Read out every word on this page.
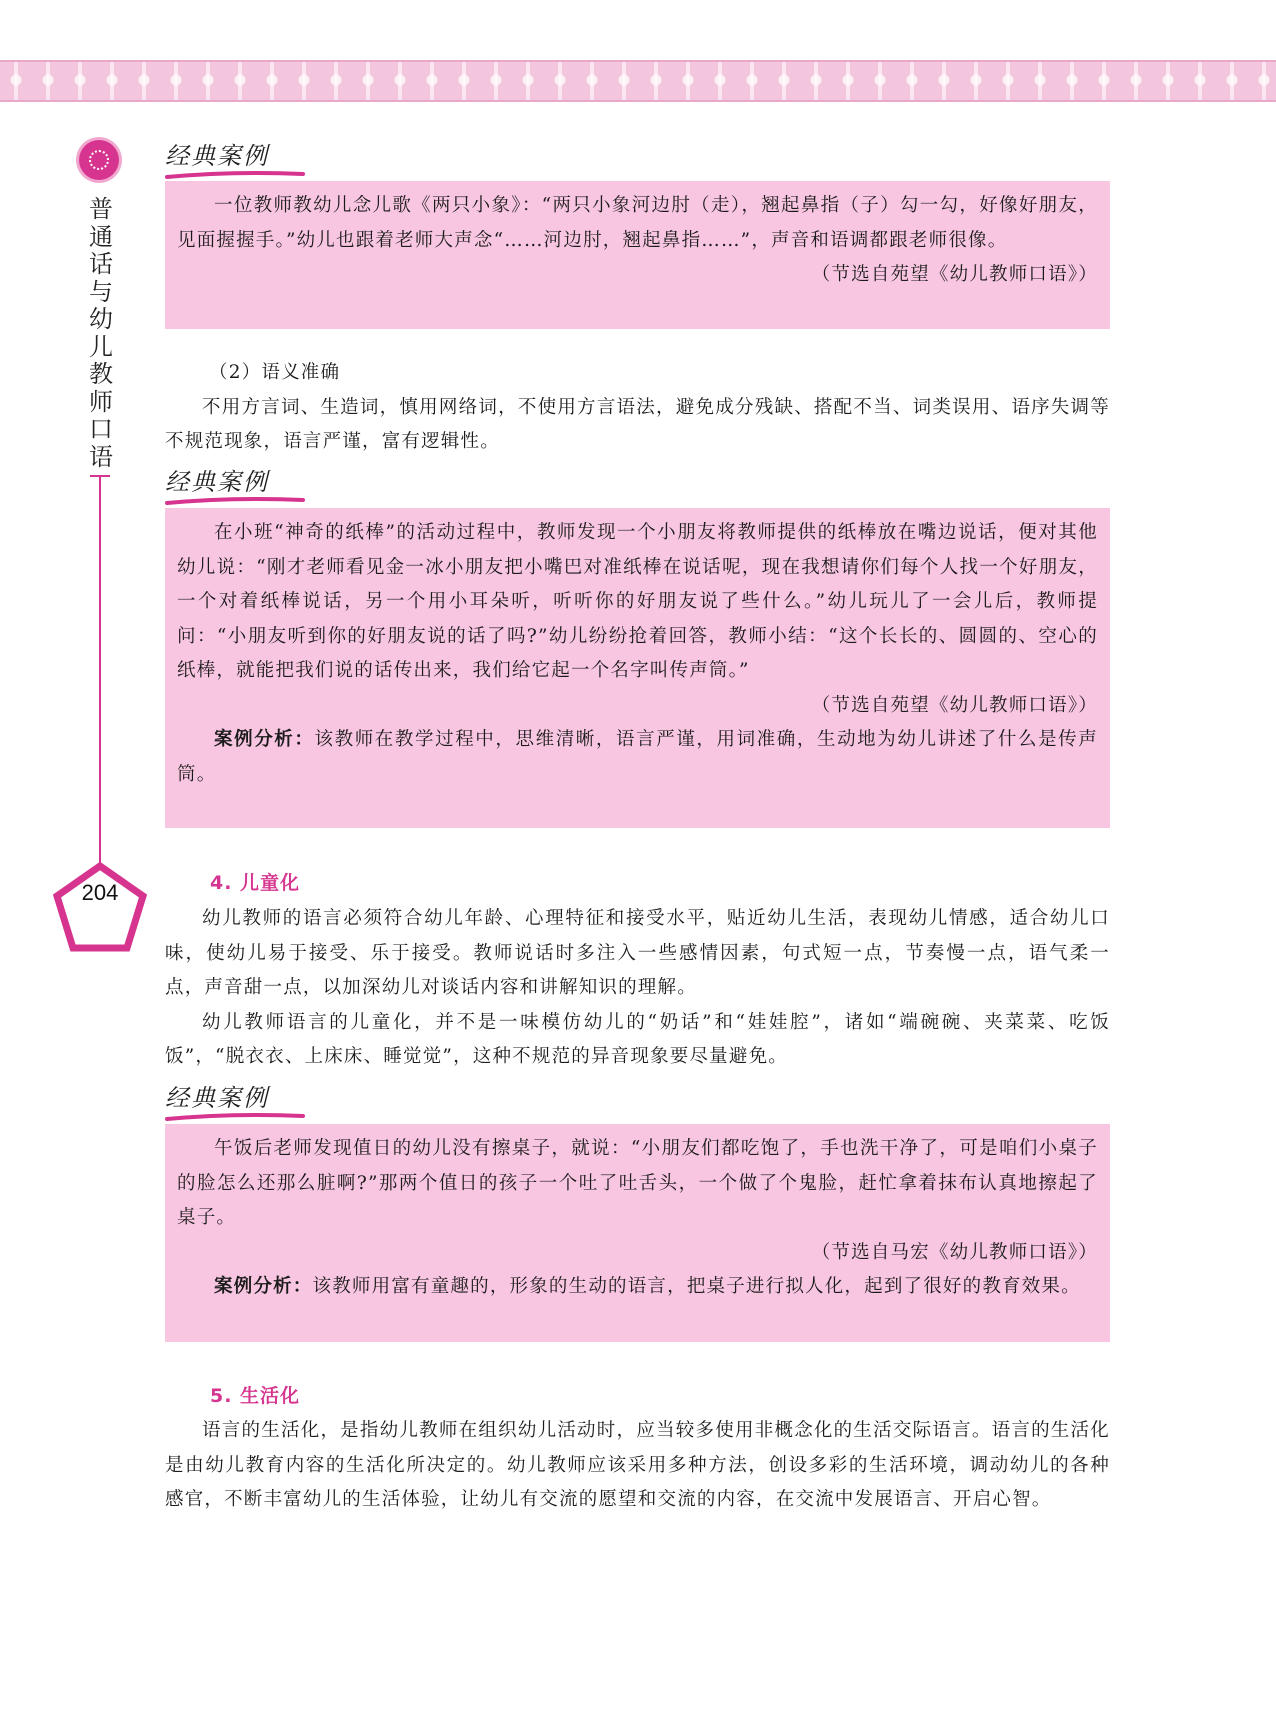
普
通
话
与
幼
儿
教
师
口
语
204
经典案例

一位教师教幼儿念儿歌《两只小象》：“两只小象河边肘（走），翘起鼻指（子）勾一勾，好像好朋友，见面握握手。”幼儿也跟着老师大声念“……河边肘，翘起鼻指……”，声音和语调都跟老师很像。

（节选自苑望《幼儿教师口语》）

（2）语义准确

不用方言词、生造词，慎用网络词，不使用方言语法，避免成分残缺、搭配不当、词类误用、语序失调等不规范现象，语言严谨，富有逻辑性。

经典案例

在小班“神奇的纸棒”的活动过程中，教师发现一个小朋友将教师提供的纸棒放在嘴边说话，便对其他幼儿说：“刚才老师看见金一冰小朋友把小嘴巴对准纸棒在说话呢，现在我想请你们每个人找一个好朋友，一个对着纸棒说话，另一个用小耳朵听，听听你的好朋友说了些什么。”幼儿玩儿了一会儿后，教师提问：“小朋友听到你的好朋友说的话了吗?”幼儿纷纷抢着回答，教师小结：“这个长长的、圆圆的、空心的纸棒，就能把我们说的话传出来，我们给它起一个名字叫传声筒。”

（节选自苑望《幼儿教师口语》）

案例分析：该教师在教学过程中，思维清晰，语言严谨，用词准确，生动地为幼儿讲述了什么是传声筒。

4. 儿童化

幼儿教师的语言必须符合幼儿年龄、心理特征和接受水平，贴近幼儿生活，表现幼儿情感，适合幼儿口味，使幼儿易于接受、乐于接受。教师说话时多注入一些感情因素，句式短一点，节奏慢一点，语气柔一点，声音甜一点，以加深幼儿对谈话内容和讲解知识的理解。

幼儿教师语言的儿童化，并不是一味模仿幼儿的“奶话”和“娃娃腔”，诸如“端碗碗、夹菜菜、吃饭饭”，“脱衣衣、上床床、睡觉觉”，这种不规范的异音现象要尽量避免。

经典案例

午饭后老师发现值日的幼儿没有擦桌子，就说：“小朋友们都吃饱了，手也洗干净了，可是咱们小桌子的脸怎么还那么脏啊?”那两个值日的孩子一个吐了吐舌头，一个做了个鬼脸，赶忙拿着抹布认真地擦起了桌子。

（节选自马宏《幼儿教师口语》）

案例分析：该教师用富有童趣的，形象的生动的语言，把桌子进行拟人化，起到了很好的教育效果。

5. 生活化

语言的生活化，是指幼儿教师在组织幼儿活动时，应当较多使用非概念化的生活交际语言。语言的生活化是由幼儿教育内容的生活化所决定的。幼儿教师应该采用多种方法，创设多彩的生活环境，调动幼儿的各种感官，不断丰富幼儿的生活体验，让幼儿有交流的愿望和交流的内容，在交流中发展语言、开启心智。
